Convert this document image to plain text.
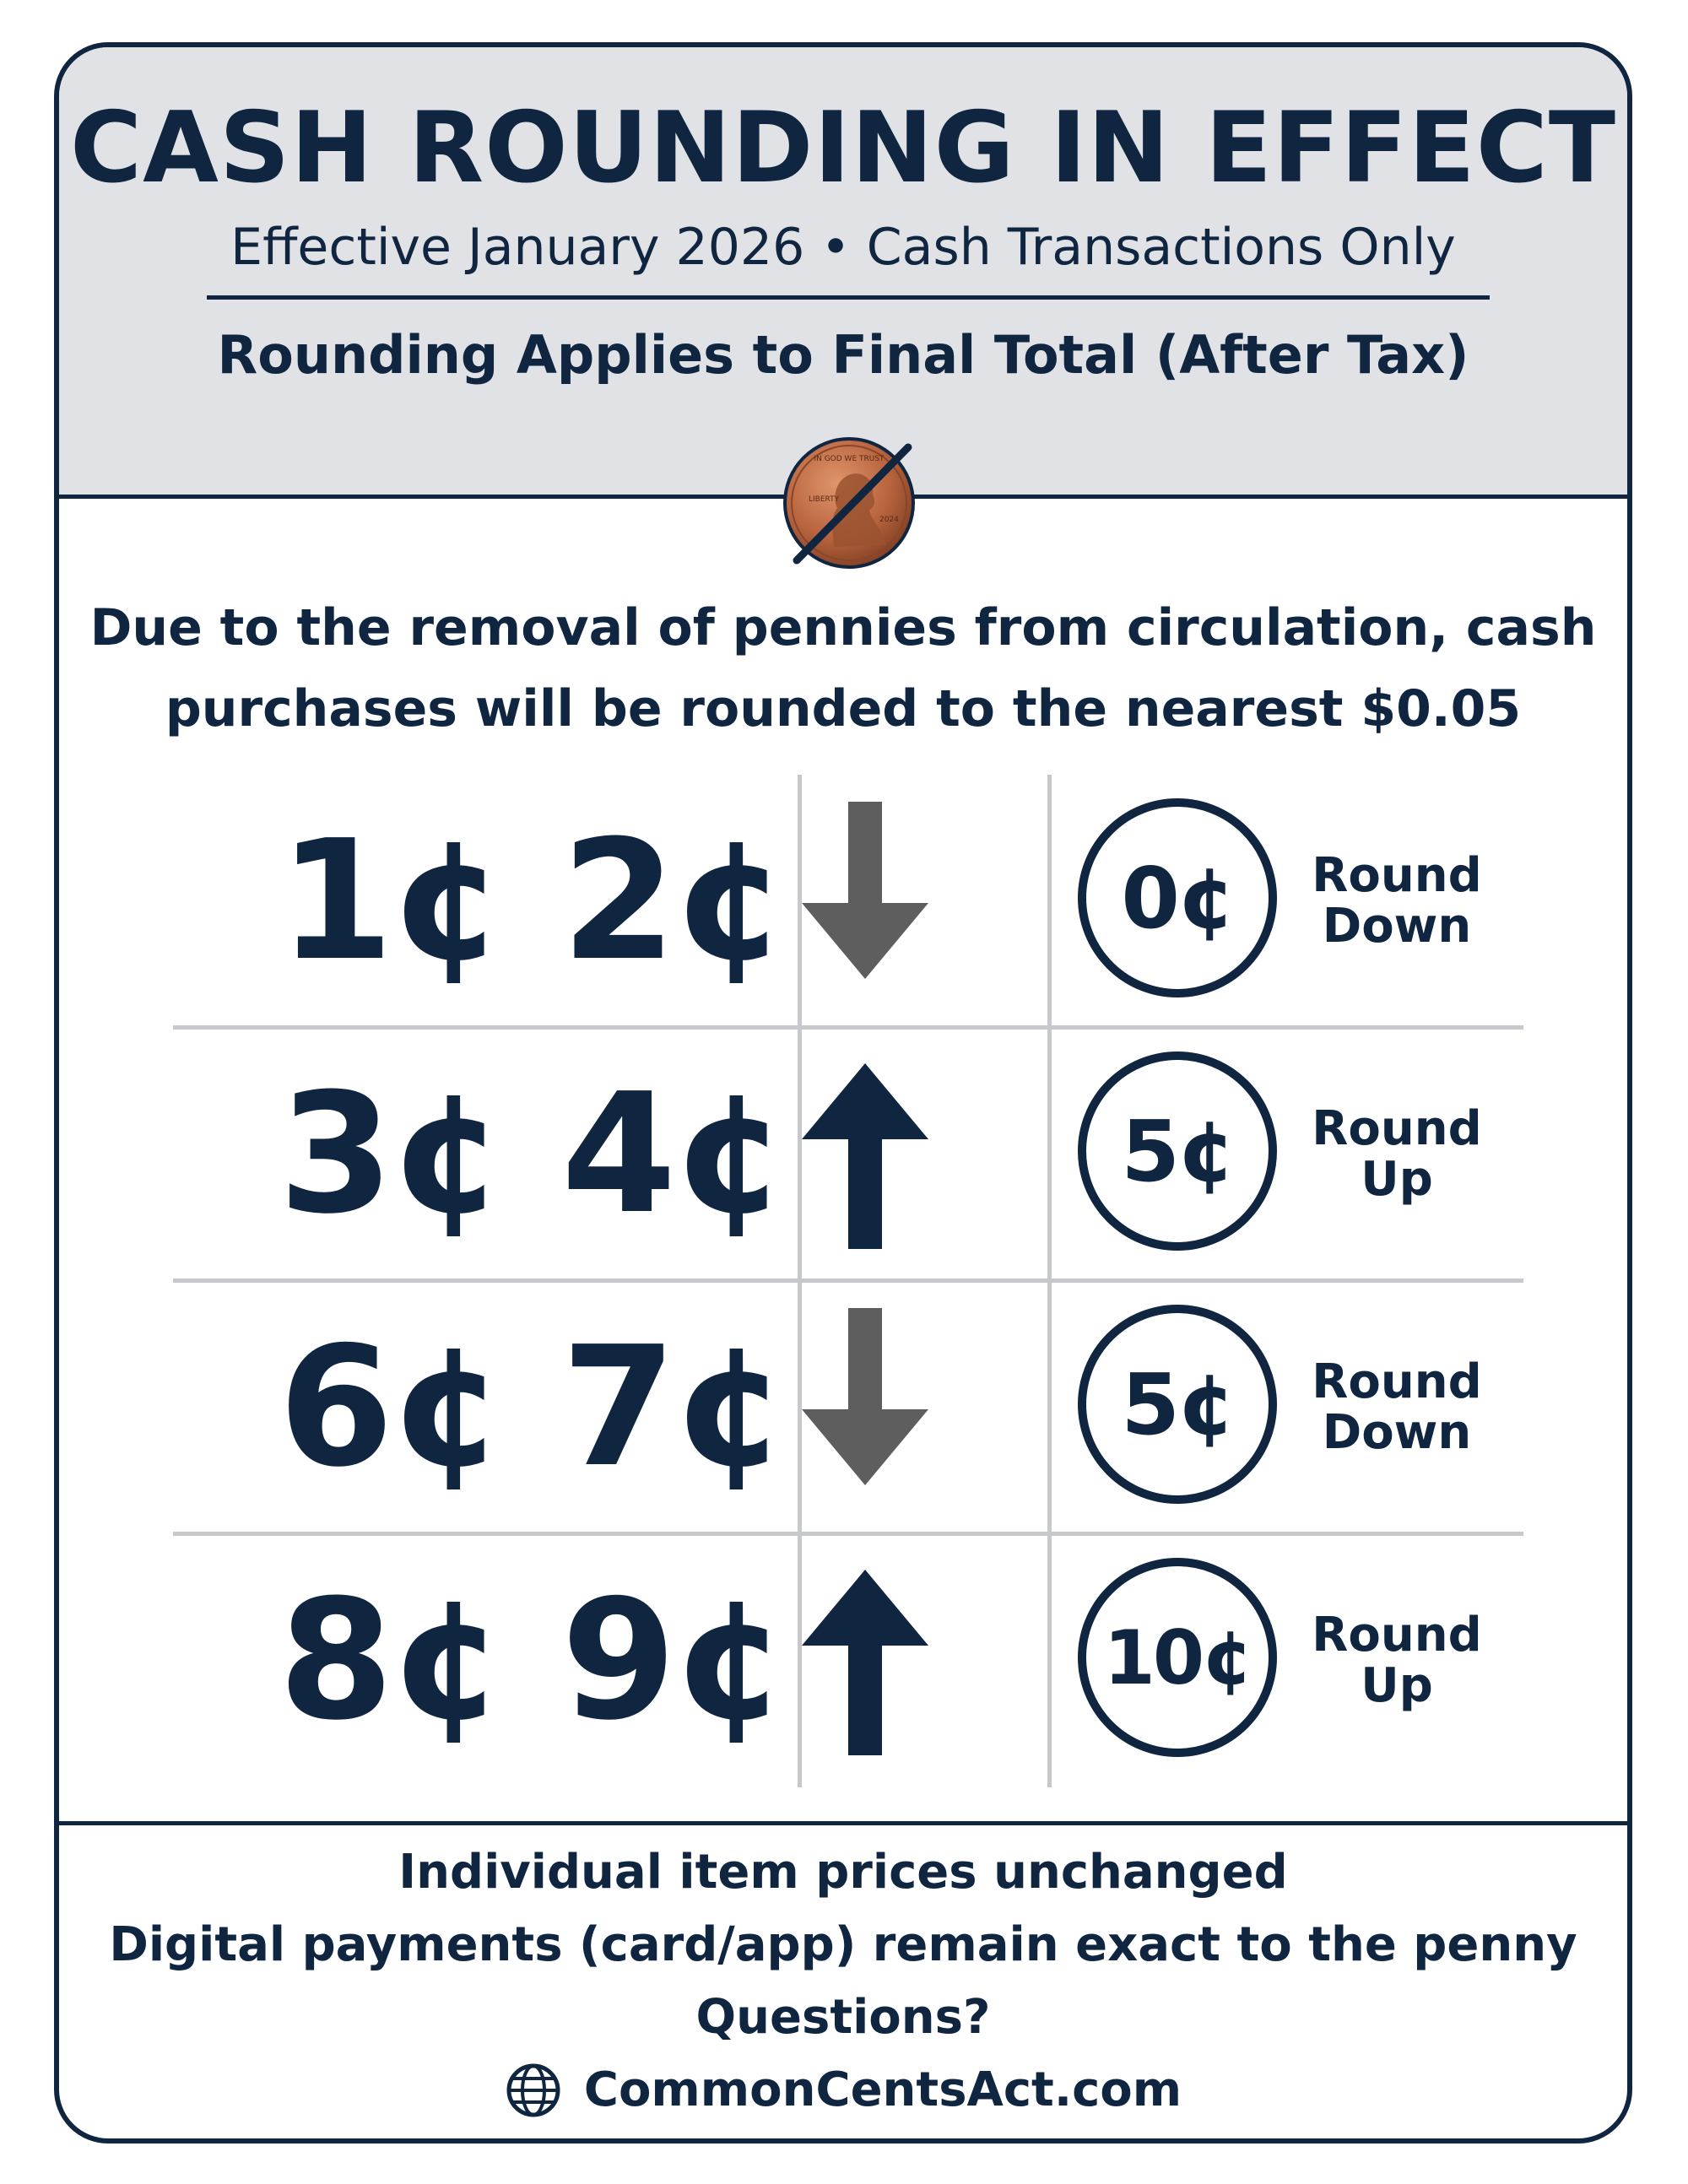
CASH ROUNDING IN EFFECT
Effective January 2026 • Cash Transactions Only
Rounding Applies to Final Total (After Tax)
IN GOD WE TRUST
LIBERTY
2024
Due to the removal of pennies from circulation, cash
purchases will be rounded to the nearest $0.05
1¢ 2¢	0¢	Round
Down
3¢ 4¢	5¢	Round
Up
6¢ 7¢	5¢	Round
Down
8¢ 9¢	10¢	Round
Up
Individual item prices unchanged
Digital payments (card/app) remain exact to the penny
Questions?
CommonCentsAct.com
